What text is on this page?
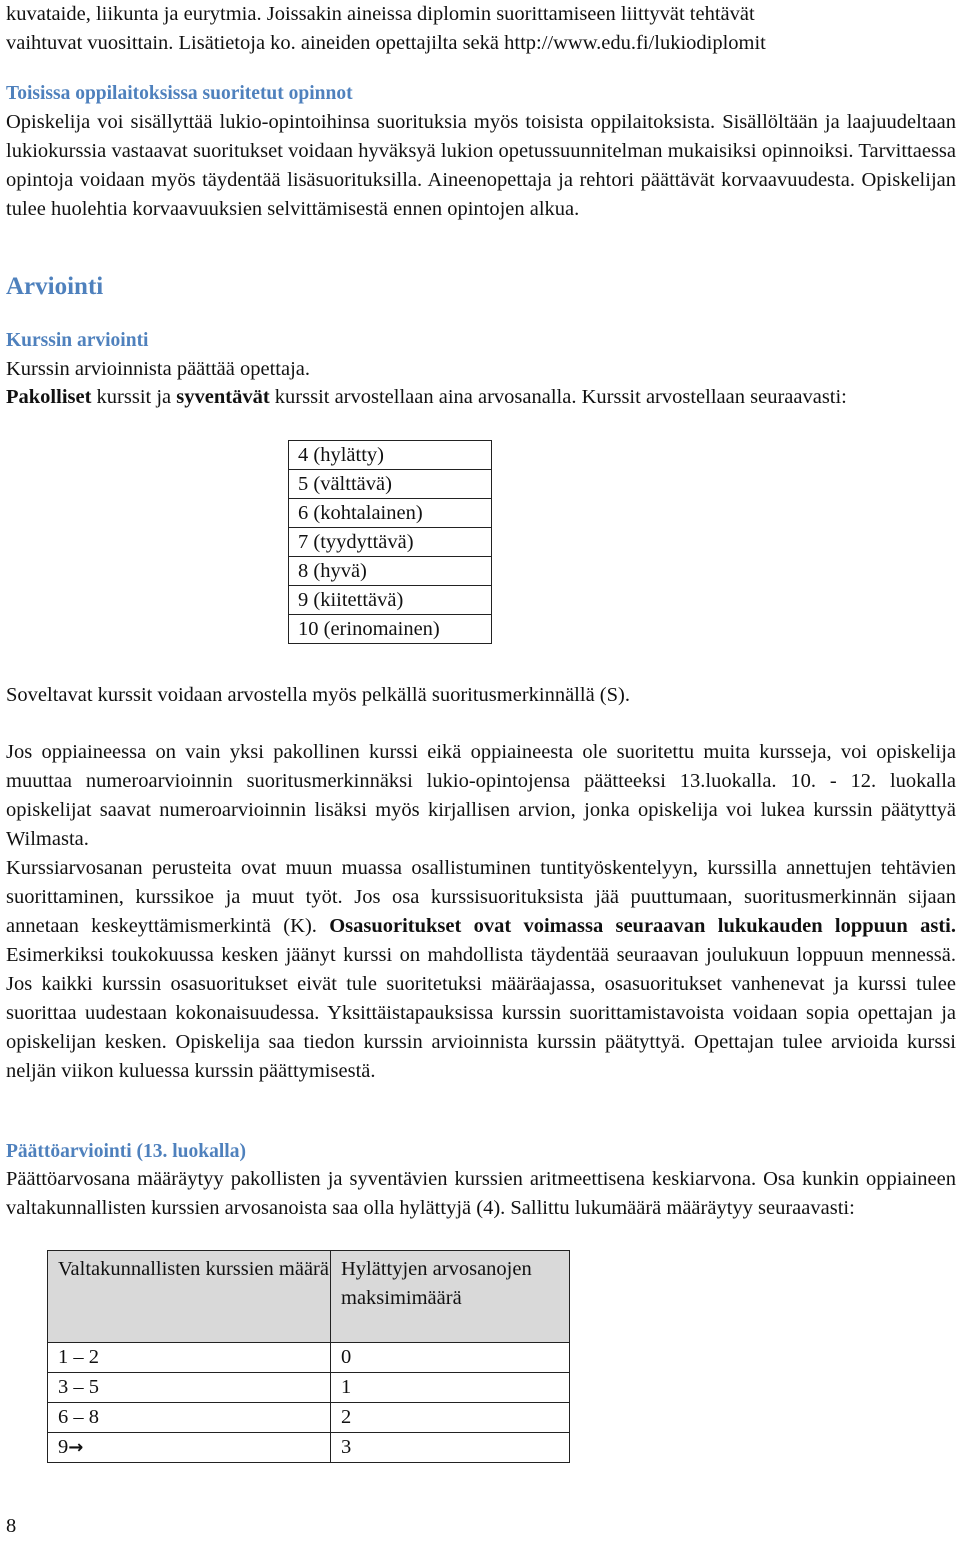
kuvataide, liikunta ja eurytmia. Joissakin aineissa diplomin suorittamiseen liittyvät tehtävät

vaihtuvat vuosittain. Lisätietoja ko. aineiden opettajilta sekä http://www.edu.fi/lukiodiplomit

Toisissa oppilaitoksissa suoritetut opinnot

Opiskelija voi sisällyttää lukio-opintoihinsa suorituksia myös toisista oppilaitoksista. Sisällöltään ja laajuudeltaan lukiokurssia vastaavat suoritukset voidaan hyväksyä lukion opetussuunnitelman mukaisiksi opinnoiksi. Tarvittaessa opintoja voidaan myös täydentää lisäsuorituksilla. Aineenopettaja ja rehtori päättävät korvaavuudesta. Opiskelijan tulee huolehtia korvaavuuksien selvittämisestä ennen opintojen alkua.

Arviointi
Kurssin arviointi

Kurssin arvioinnista päättää opettaja.

Pakolliset kurssit ja syventävät kurssit arvostellaan aina arvosanalla. Kurssit arvostellaan seuraavasti:

4 (hylätty)
5 (välttävä)
6 (kohtalainen)
7 (tyydyttävä)
8 (hyvä)
9 (kiitettävä)
10 (erinomainen)

Soveltavat kurssit voidaan arvostella myös pelkällä suoritusmerkinnällä (S).

Jos oppiaineessa on vain yksi pakollinen kurssi eikä oppiaineesta ole suoritettu muita kursseja, voi opiskelija muuttaa numeroarvioinnin suoritusmerkinnäksi lukio-opintojensa päätteeksi 13.luokalla. 10. - 12. luokalla opiskelijat saavat numeroarvioinnin lisäksi myös kirjallisen arvion, jonka opiskelija voi lukea kurssin päätyttyä Wilmasta.

Kurssiarvosanan perusteita ovat muun muassa osallistuminen tuntityöskentelyyn, kurssilla annettujen tehtävien suorittaminen, kurssikoe ja muut työt. Jos osa kurssisuorituksista jää puuttumaan, suoritusmerkinnän sijaan annetaan keskeyttämismerkintä (K). Osasuoritukset ovat voimassa seuraavan lukukauden loppuun asti. Esimerkiksi toukokuussa kesken jäänyt kurssi on mahdollista täydentää seuraavan joulukuun loppuun mennessä. Jos kaikki kurssin osasuoritukset eivät tule suoritetuksi määräajassa, osasuoritukset vanhenevat ja kurssi tulee suorittaa uudestaan kokonaisuudessa. Yksittäistapauksissa kurssin suorittamistavoista voidaan sopia opettajan ja opiskelijan kesken. Opiskelija saa tiedon kurssin arvioinnista kurssin päätyttyä. Opettajan tulee arvioida kurssi neljän viikon kuluessa kurssin päättymisestä.

Päättöarviointi (13. luokalla)

Päättöarvosana määräytyy pakollisten ja syventävien kurssien aritmeettisena keskiarvona. Osa kunkin oppiaineen valtakunnallisten kurssien arvosanoista saa olla hylättyjä (4). Sallittu lukumäärä määräytyy seuraavasti:

Valtakunnallisten kurssien määrä	Hylättyjen arvosanojen maksimimäärä
1 – 2	0
3 – 5	1
6 – 8	2
9→	3
8
